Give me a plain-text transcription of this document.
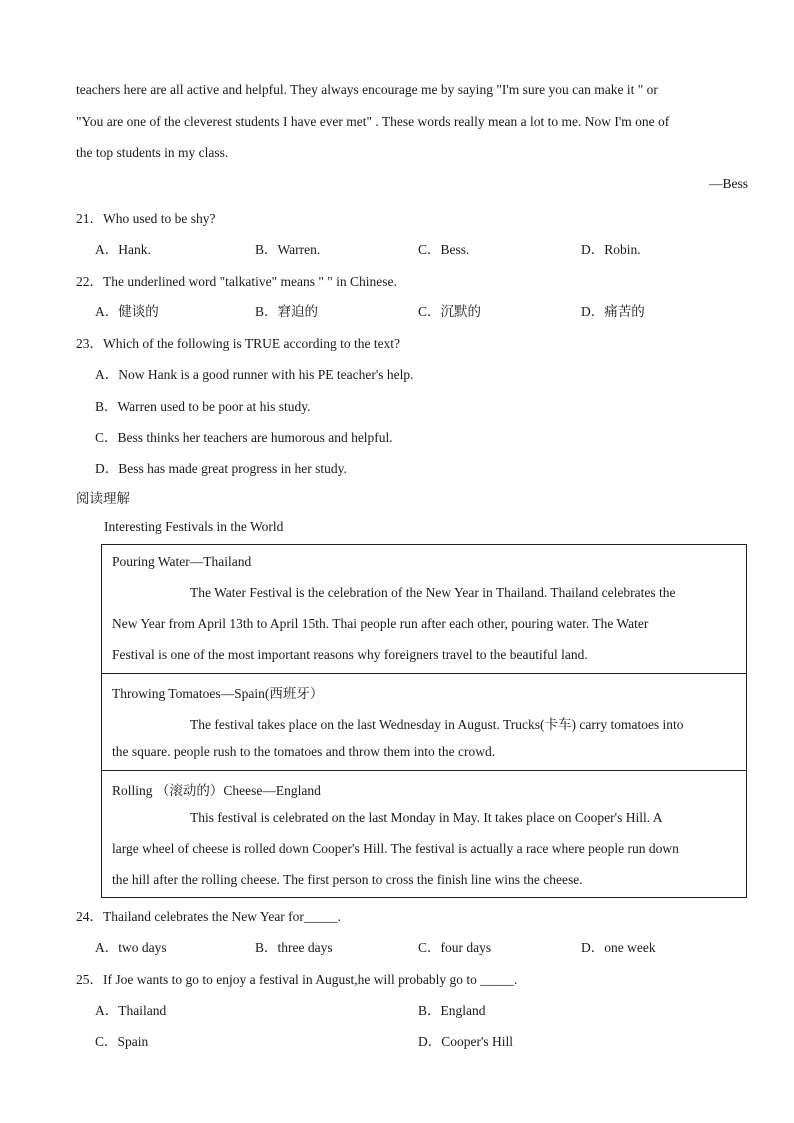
teachers here are all active and helpful. They always encourage me by saying "I'm sure you can make it " or
"You are one of the cleverest students I have ever met" . These words really mean a lot to me. Now I'm one of
the top students in my class.
—Bess
21．Who used to be shy?
A．Hank.	B．Warren.	C．Bess.	D．Robin.
22．The underlined word "talkative" means " " in Chinese.
A．健谈的	B．窘迫的	C．沉默的	D．痛苦的
23．Which of the following is TRUE according to the text?
A．Now Hank is a good runner with his PE teacher's help.
B．Warren used to be poor at his study.
C．Bess thinks her teachers are humorous and helpful.
D．Bess has made great progress in her study.
阅读理解
Interesting Festivals in the World
Pouring Water—Thailand
The Water Festival is the celebration of the New Year in Thailand. Thailand celebrates the
New Year from April 13th to April 15th. Thai people run after each other, pouring water. The Water
Festival is one of the most important reasons why foreigners travel to the beautiful land.
Throwing Tomatoes—Spain(西班牙）
The festival takes place on the last Wednesday in August. Trucks(卡车) carry tomatoes into
the square. people rush to the tomatoes and throw them into the crowd.
Rolling （滚动的）Cheese—England
This festival is celebrated on the last Monday in May. It takes place on Cooper's Hill. A
large wheel of cheese is rolled down Cooper's Hill. The festival is actually a race where people run down
the hill after the rolling cheese. The first person to cross the finish line wins the cheese.
24．Thailand celebrates the New Year for_____.
A．two days	B．three days	C．four days	D．one week
25．If Joe wants to go to enjoy a festival in August,he will probably go to _____.
A．Thailand	B．England
C．Spain	D．Cooper's Hill
